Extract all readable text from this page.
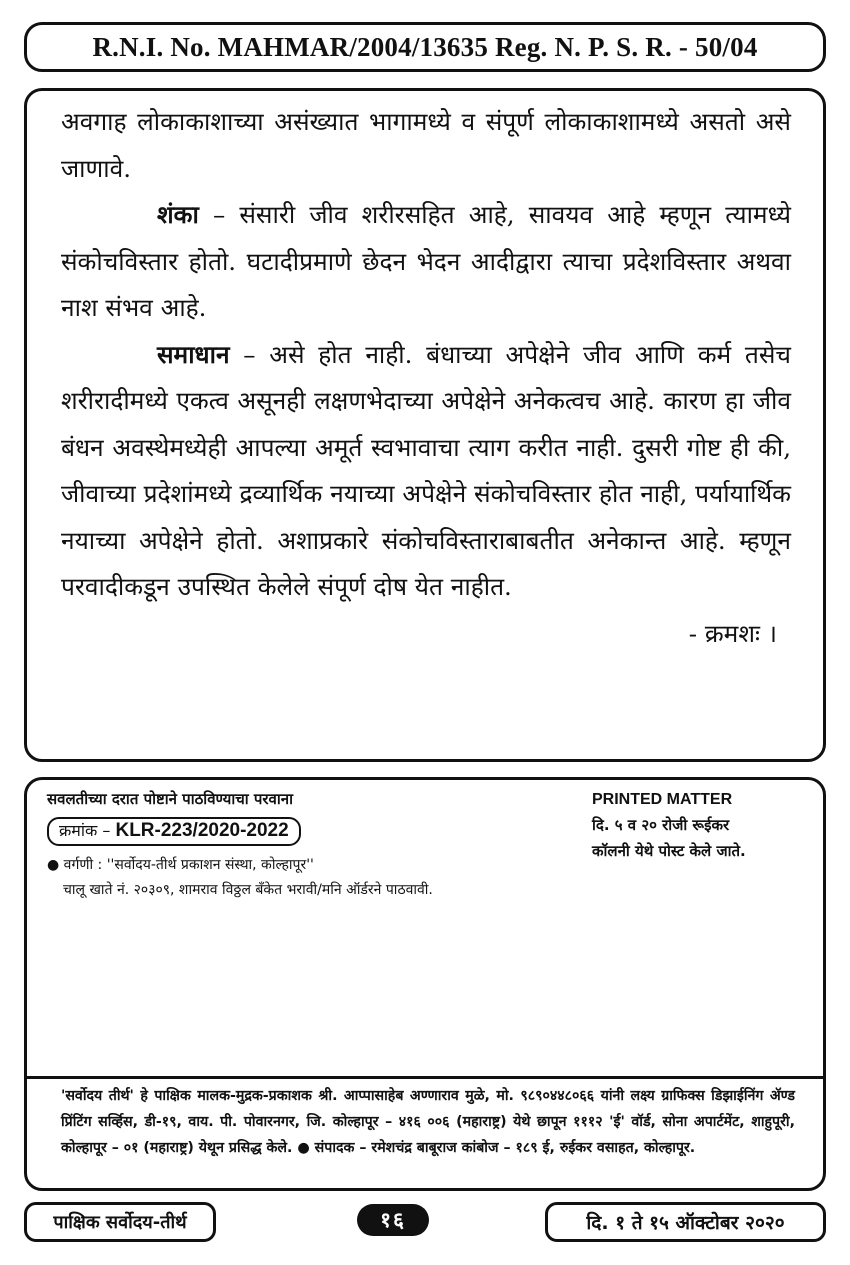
R.N.I. No. MAHMAR/2004/13635 Reg. N. P. S. R. - 50/04

अवगाह लोकाकाशाच्या असंख्यात भागामध्ये व संपूर्ण लोकाकाशामध्ये असतो असे जाणावे.

शंका – संसारी जीव शरीरसहित आहे, सावयव आहे म्हणून त्यामध्ये संकोचविस्तार होतो. घटादीप्रमाणे छेदन भेदन आदीद्वारा त्याचा प्रदेशविस्तार अथवा नाश संभव आहे.

समाधान – असे होत नाही. बंधाच्या अपेक्षेने जीव आणि कर्म तसेच शरीरादीमध्ये एकत्व असूनही लक्षणभेदाच्या अपेक्षेने अनेकत्वच आहे. कारण हा जीव बंधन अवस्थेमध्येही आपल्या अमूर्त स्वभावाचा त्याग करीत नाही. दुसरी गोष्ट ही की, जीवाच्या प्रदेशांमध्ये द्रव्यार्थिक नयाच्या अपेक्षेने संकोचविस्तार होत नाही, पर्यायार्थिक नयाच्या अपेक्षेने होतो. अशाप्रकारे संकोचविस्ताराबाबतीत अनेकान्त आहे. म्हणून परवादीकडून उपस्थित केलेले संपूर्ण दोष येत नाहीत.

- क्रमशः ।

सवलतीच्या दरात पोष्टाने पाठविण्याचा परवाना
क्रमांक – KLR-223/2020-2022
● वर्गणी : ''सर्वोदय-तीर्थ प्रकाशन संस्था, कोल्हापूर''
चालू खाते नं. २०३०९, शामराव विठ्ठल बँकेत भरावी/मनि ऑर्डरने पाठवावी.
PRINTED MATTER
दि. ५ व २० रोजी रूईकर
कॉलनी येथे पोस्ट केले जाते.

'सर्वोदय तीर्थ' हे पाक्षिक मालक-मुद्रक-प्रकाशक श्री. आप्पासाहेब अण्णाराव मुळे, मो. ९८९०४४८०६६ यांनी लक्ष्य ग्राफिक्स डिझाईनिंग ॲण्ड प्रिंटिंग सर्व्हिस, डी-१९, वाय. पी. पोवारनगर, जि. कोल्हापूर – ४१६ ००६ (महाराष्ट्र) येथे छापून १११२ 'ई' वॉर्ड, सोना अपार्टमेंट, शाहुपूरी, कोल्हापूर – ०१ (महाराष्ट्र) येथून प्रसिद्ध केले. ● संपादक – रमेशचंद्र बाबूराज कांबोज – १८९ ई, रुईकर वसाहत, कोल्हापूर.

पाक्षिक सर्वोदय-तीर्थ	१६	दि. १ ते १५ ऑक्टोबर २०२०
